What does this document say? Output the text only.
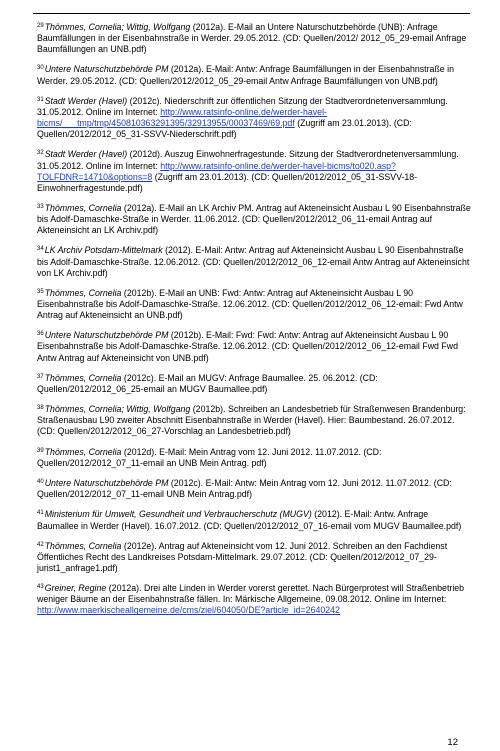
$^{29}$Thömmes, Cornelia; Wittig, Wolfgang (2012a). E-Mail an Untere Naturschutzbehörde (UNB): Anfrage Baumfällungen in der Eisenbahnstraße in Werder. 29.05.2012. (CD: Quellen/2012/ 2012_05_29-email Anfrage Baumfällungen an UNB.pdf)

$^{30}$Untere Naturschutzbehörde PM (2012a). E-Mail: Antw: Anfrage Baumfällungen in der Eisenbahnstraße in Werder. 29.05.2012. (CD: Quellen/2012/2012_05_29-email Antw Anfrage Baumfällungen von UNB.pdf)

$^{31}$Stadt Werder (Havel) (2012c). Niederschrift zur öffentlichen Sitzung der Stadtverordnetenversammlung. 31.05.2012. Online im Internet: http://www.ratsinfo-online.de/werder-havel-bicms/___tmp/tmp/450810363291395/32913955/00037469/69.pdf (Zugriff am 23.01.2013). (CD: Quellen/2012/2012_05_31-SSVV-Niederschrift.pdf)

$^{32}$Stadt Werder (Havel) (2012d). Auszug Einwohnerfragestunde. Sitzung der Stadtverordnetenversammlung. 31.05.2012. Online im Internet: http://www.ratsinfo-online.de/werder-havel-bicms/to020.asp?TOLFDNR=14710&options=8 (Zugriff am 23.01.2013). (CD: Quellen/2012/2012_05_31-SSVV-18-Einwohnerfragestunde.pdf)

$^{33}$Thömmes, Cornelia (2012a). E-Mail an LK Archiv PM. Antrag auf Akteneinsicht Ausbau L 90 Eisenbahnstraße bis Adolf-Damaschke-Straße in Werder. 11.06.2012. (CD: Quellen/2012/2012_06_11-email Antrag auf Akteneinsicht an LK Archiv.pdf)

$^{34}$LK Archiv Potsdam-Mittelmark (2012). E-Mail: Antw: Antrag auf Akteneinsicht Ausbau L 90 Eisenbahnstraße bis Adolf-Damaschke-Straße. 12.06.2012. (CD: Quellen/2012/2012_06_12-email Antw Antrag auf Akteneinsicht von LK Archiv.pdf)

$^{35}$Thömmes, Cornelia (2012b). E-Mail an UNB: Fwd: Antw: Antrag auf Akteneinsicht Ausbau L 90 Eisenbahnstraße bis Adolf-Damaschke-Straße. 12.06.2012. (CD: Quellen/2012/2012_06_12-email: Fwd Antw Antrag auf Akteneinsicht an UNB.pdf)

$^{36}$Untere Naturschutzbehörde PM (2012b). E-Mail: Fwd: Fwd: Antw: Antrag auf Akteneinsicht Ausbau L 90 Eisenbahnstraße bis Adolf-Damaschke-Straße. 12.06.2012. (CD: Quellen/2012/2012_06_12-email Fwd Fwd Antw Antrag auf Akteneinsicht von UNB.pdf)

$^{37}$Thömmes, Cornelia (2012c). E-Mail an MUGV: Anfrage Baumallee. 25. 06.2012. (CD: Quellen/2012/2012_06_25-email an MUGV Baumallee.pdf)

$^{38}$Thömmes, Cornelia; Wittig, Wolfgang (2012b). Schreiben an Landesbetrieb für Straßenwesen Brandenburg: Straßenausbau L90 zweiter Abschnitt Eisenbahnstraße in Werder (Havel). Hier: Baumbestand. 26.07.2012. (CD: Quellen/2012/2012_06_27-Vorschlag an Landesbetrieb.pdf)

$^{39}$Thömmes, Cornelia (2012d). E-Mail: Mein Antrag vom 12. Juni 2012. 11.07.2012. (CD: Quellen/2012/2012_07_11-email an UNB Mein Antrag. pdf)

$^{40}$Untere Naturschutzbehörde PM (2012c). E-Mail: Antw: Mein Antrag vom 12. Juni 2012. 11.07.2012. (CD: Quellen/2012/2012_07_11-email UNB Mein Antrag.pdf)

$^{41}$Ministerium für Umwelt, Gesundheit und Verbraucherschutz (MUGV) (2012). E-Mail: Antw. Anfrage Baumallee in Werder (Havel). 16.07.2012. (CD: Quellen/2012/2012_07_16-email vom MUGV Baumallee.pdf)

$^{42}$Thömmes, Cornelia (2012e). Antrag auf Akteneinsicht vom 12. Juni 2012. Schreiben an den Fachdienst Öffentliches Recht des Landkreises Potsdam-Mittelmark. 29.07.2012. (CD: Quellen/2012/2012_07_29-jurist1_anfrage1.pdf)

$^{43}$Greiner, Regine (2012a). Drei alte Linden in Werder vorerst gerettet. Nach Bürgerprotest will Straßenbetrieb weniger Bäume an der Eisenbahnstraße fällen. In: Märkische Allgemeine, 09.08.2012. Online im Internet: http://www.maerkischeallgemeine.de/cms/ziel/604050/DE?article_id=2640242

12
